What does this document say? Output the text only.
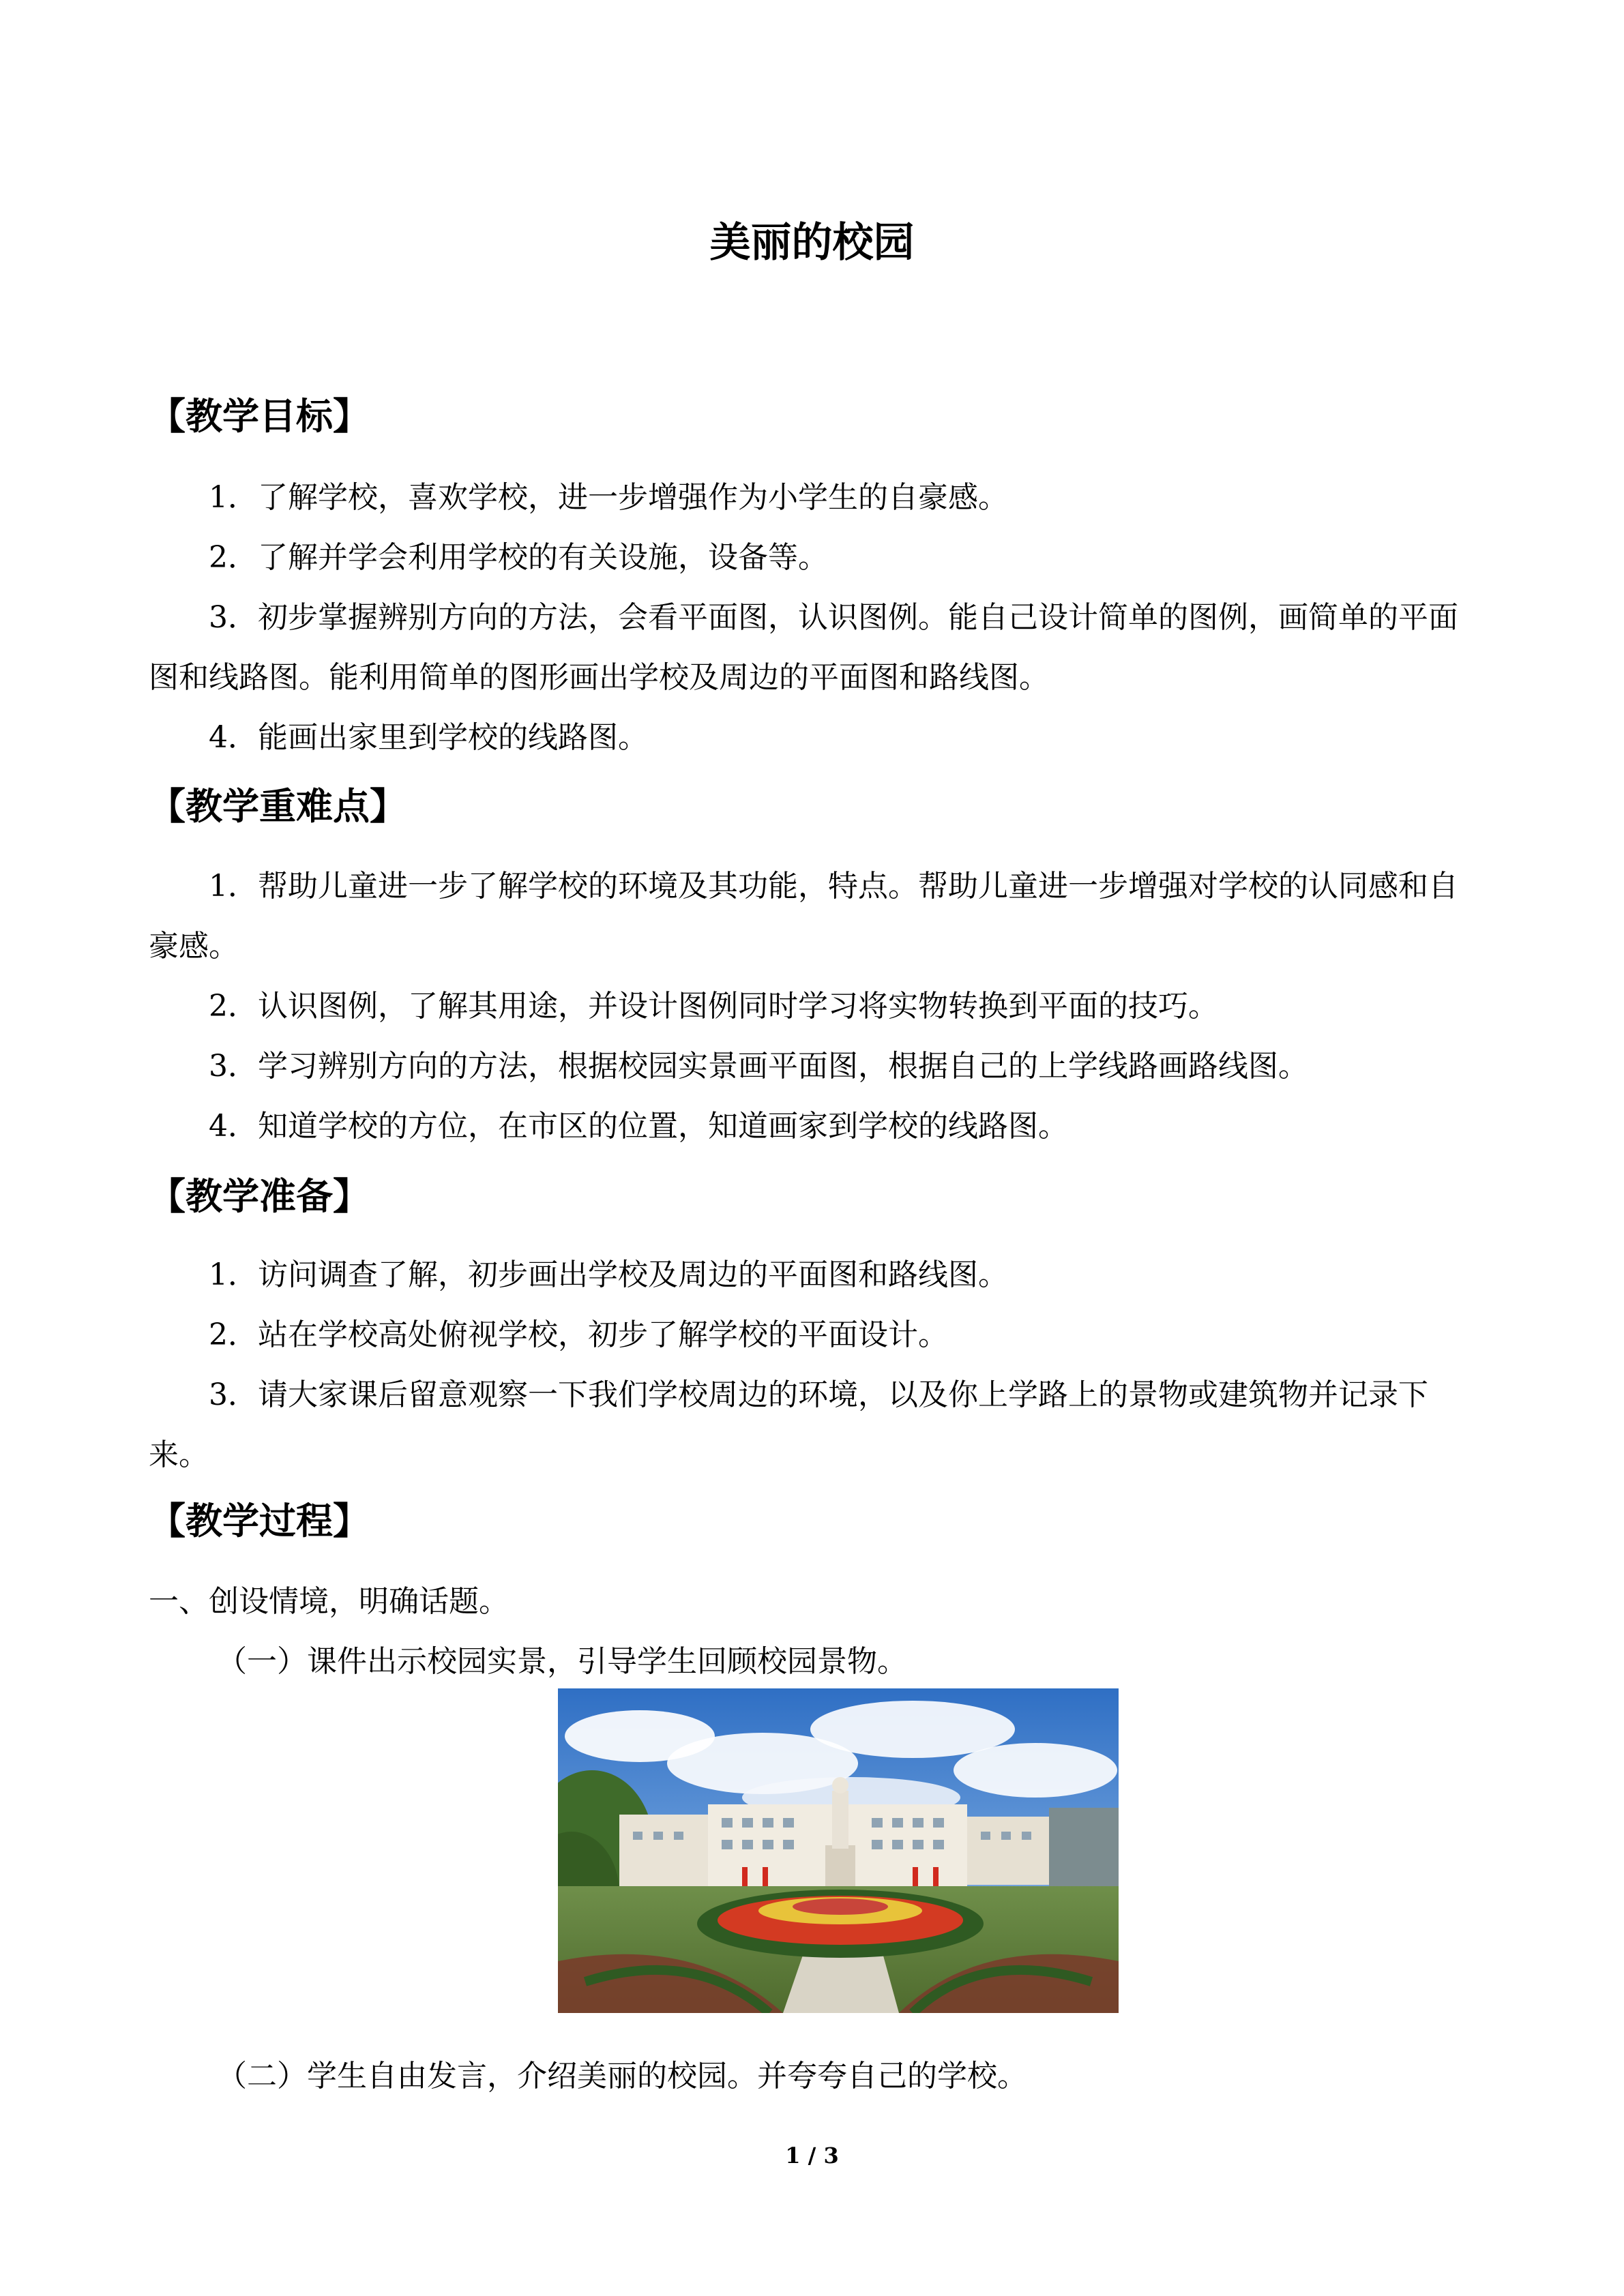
美丽的校园
【教学目标】
1．了解学校，喜欢学校，进一步增强作为小学生的自豪感。
2．了解并学会利用学校的有关设施，设备等。
3．初步掌握辨别方向的方法，会看平面图，认识图例。能自己设计简单的图例，画简单的平面图和线路图。能利用简单的图形画出学校及周边的平面图和路线图。
4．能画出家里到学校的线路图。
【教学重难点】
1．帮助儿童进一步了解学校的环境及其功能，特点。帮助儿童进一步增强对学校的认同感和自豪感。
2．认识图例，了解其用途，并设计图例同时学习将实物转换到平面的技巧。
3．学习辨别方向的方法，根据校园实景画平面图，根据自己的上学线路画路线图。
4．知道学校的方位，在市区的位置，知道画家到学校的线路图。
【教学准备】
1．访问调查了解，初步画出学校及周边的平面图和路线图。
2．站在学校高处俯视学校，初步了解学校的平面设计。
3．请大家课后留意观察一下我们学校周边的环境，以及你上学路上的景物或建筑物并记录下来。
【教学过程】
一、创设情境，明确话题。
（一）课件出示校园实景，引导学生回顾校园景物。
（二）学生自由发言，介绍美丽的校园。并夸夸自己的学校。
1 / 3
